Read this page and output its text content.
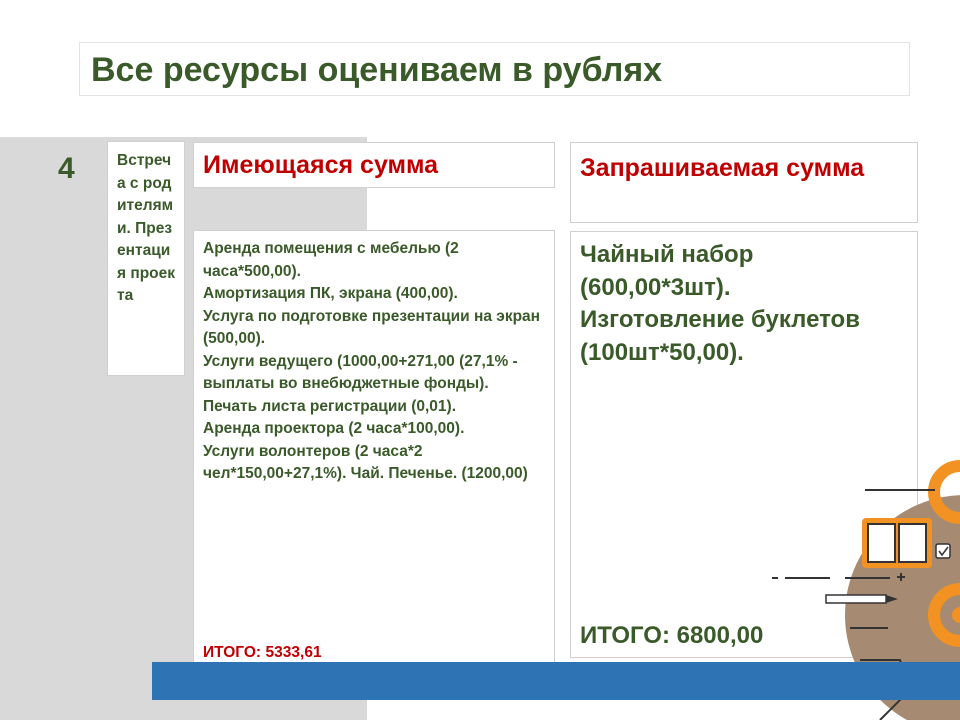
Все ресурсы оцениваем в рублях
4	Встреча с родителями. Презентация проекта
Имеющаяся сумма
Аренда помещения с мебелью (2 часа*500,00).
Амортизация ПК, экрана (400,00).
Услуга по подготовке презентации на экран (500,00).
Услуги ведущего (1000,00+271,00 (27,1% - выплаты во внебюджетные фонды).
Печать листа регистрации (0,01).
Аренда проектора (2 часа*100,00).
Услуги волонтеров (2 часа*2 чел*150,00+27,1%). Чай. Печенье. (1200,00)
ИТОГО: 5333,61
Запрашиваемая сумма
Чайный набор (600,00*3шт).
Изготовление буклетов (100шт*50,00).
ИТОГО: 6800,00
